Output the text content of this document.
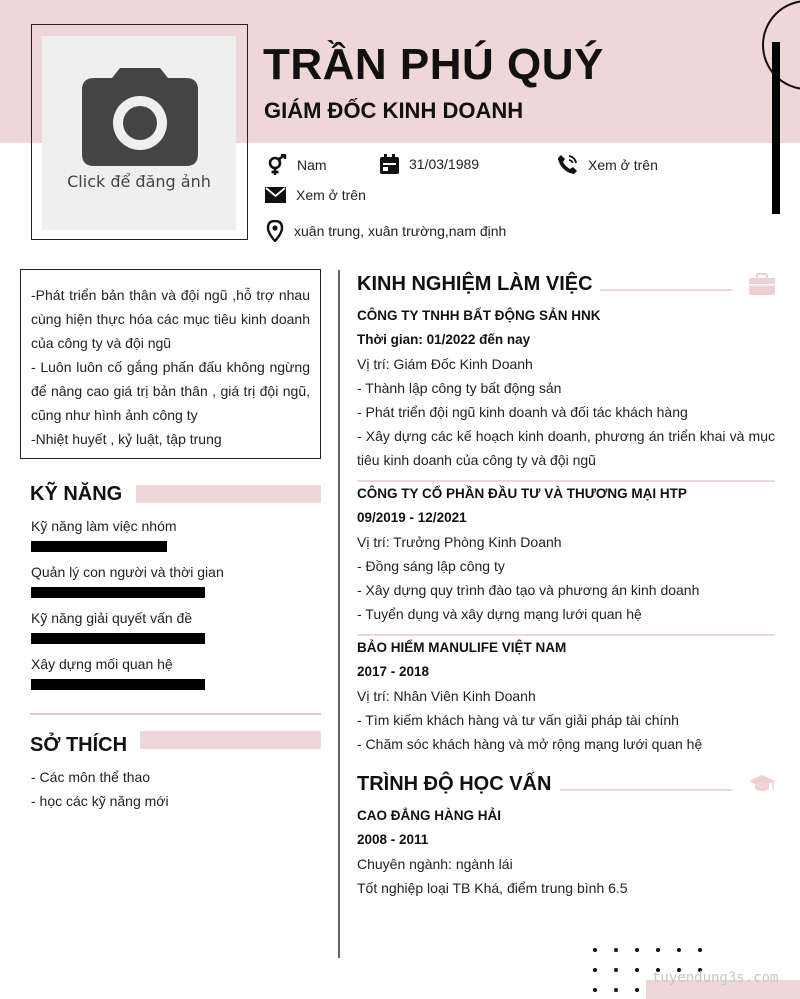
Click để đăng ảnh
TRẦN PHÚ QUÝ
GIÁM ĐỐC KINH DOANH
Nam	31/03/1989	Xem ở trên
Xem ở trên
xuân trung, xuân trường,nam định
-Phát triển bản thân và đội ngũ ,hỗ trợ nhau
cùng hiện thực hóa các mục tiêu kinh doanh
của công ty và đội ngũ
- Luôn luôn cố gắng phấn đấu không ngừng
để nâng cao giá trị bản thân , giá trị đội ngũ,
cũng như hình ảnh công ty
-Nhiệt huyết , kỷ luật, tập trung
KỸ NĂNG
Kỹ năng làm việc nhóm
Quản lý con người và thời gian
Kỹ năng giải quyết vấn đề
Xây dựng mối quan hệ
SỞ THÍCH
- Các môn thể thao
- học các kỹ năng mới
KINH NGHIỆM LÀM VIỆC
CÔNG TY TNHH BẤT ĐỘNG SẢN HNK
Thời gian: 01/2022 đến nay
Vị trí: Giám Đốc Kinh Doanh
- Thành lập công ty bất động sản
- Phát triển đội ngũ kinh doanh và đối tác khách hàng
- Xây dựng các kế hoạch kinh doanh, phương án triển khai và mục
tiêu kinh doanh của công ty và đội ngũ
CÔNG TY CỔ PHẦN ĐẦU TƯ VÀ THƯƠNG MẠI HTP
09/2019 - 12/2021
Vị trí: Trưởng Phòng Kinh Doanh
- Đồng sáng lập công ty
- Xây dựng quy trình đào tạo và phương án kinh doanh
- Tuyển dụng và xây dựng mạng lưới quan hệ
BẢO HIỂM MANULIFE VIỆT NAM
2017 - 2018
Vị trí: Nhân Viên Kinh Doanh
- Tìm kiếm khách hàng và tư vấn giải pháp tài chính
- Chăm sóc khách hàng và mở rộng mạng lưới quan hệ
TRÌNH ĐỘ HỌC VẤN
CAO ĐẲNG HÀNG HẢI
2008 - 2011
Chuyên ngành: ngành lái
Tốt nghiệp loại TB Khá, điểm trung bình 6.5
tuyendung3s.com
